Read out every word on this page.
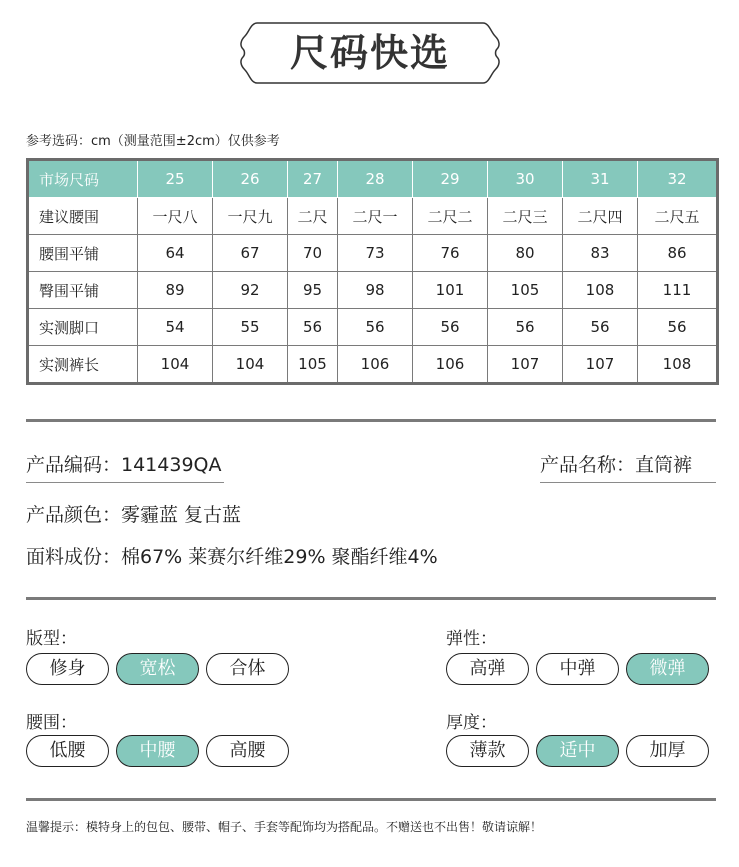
尺码快选
参考选码：cm（测量范围±2cm）仅供参考
市场尺码	25	26	27	28	29	30	31	32
建议腰围	一尺八	一尺九	二尺	二尺一	二尺二	二尺三	二尺四	二尺五
腰围平铺	64	67	70	73	76	80	83	86
臀围平铺	89	92	95	98	101	105	108	111
实测脚口	54	55	56	56	56	56	56	56
实测裤长	104	104	105	106	106	107	107	108
产品编码：141439QA	产品名称：直筒裤
产品颜色：雾霾蓝 复古蓝
面料成份：棉67% 莱赛尔纤维29% 聚酯纤维4%
版型：
修身	宽松	合体
弹性：
高弹	中弹	微弹
腰围：
低腰	中腰	高腰
厚度：
薄款	适中	加厚
温馨提示：模特身上的包包、腰带、帽子、手套等配饰均为搭配品。不赠送也不出售！敬请谅解！
